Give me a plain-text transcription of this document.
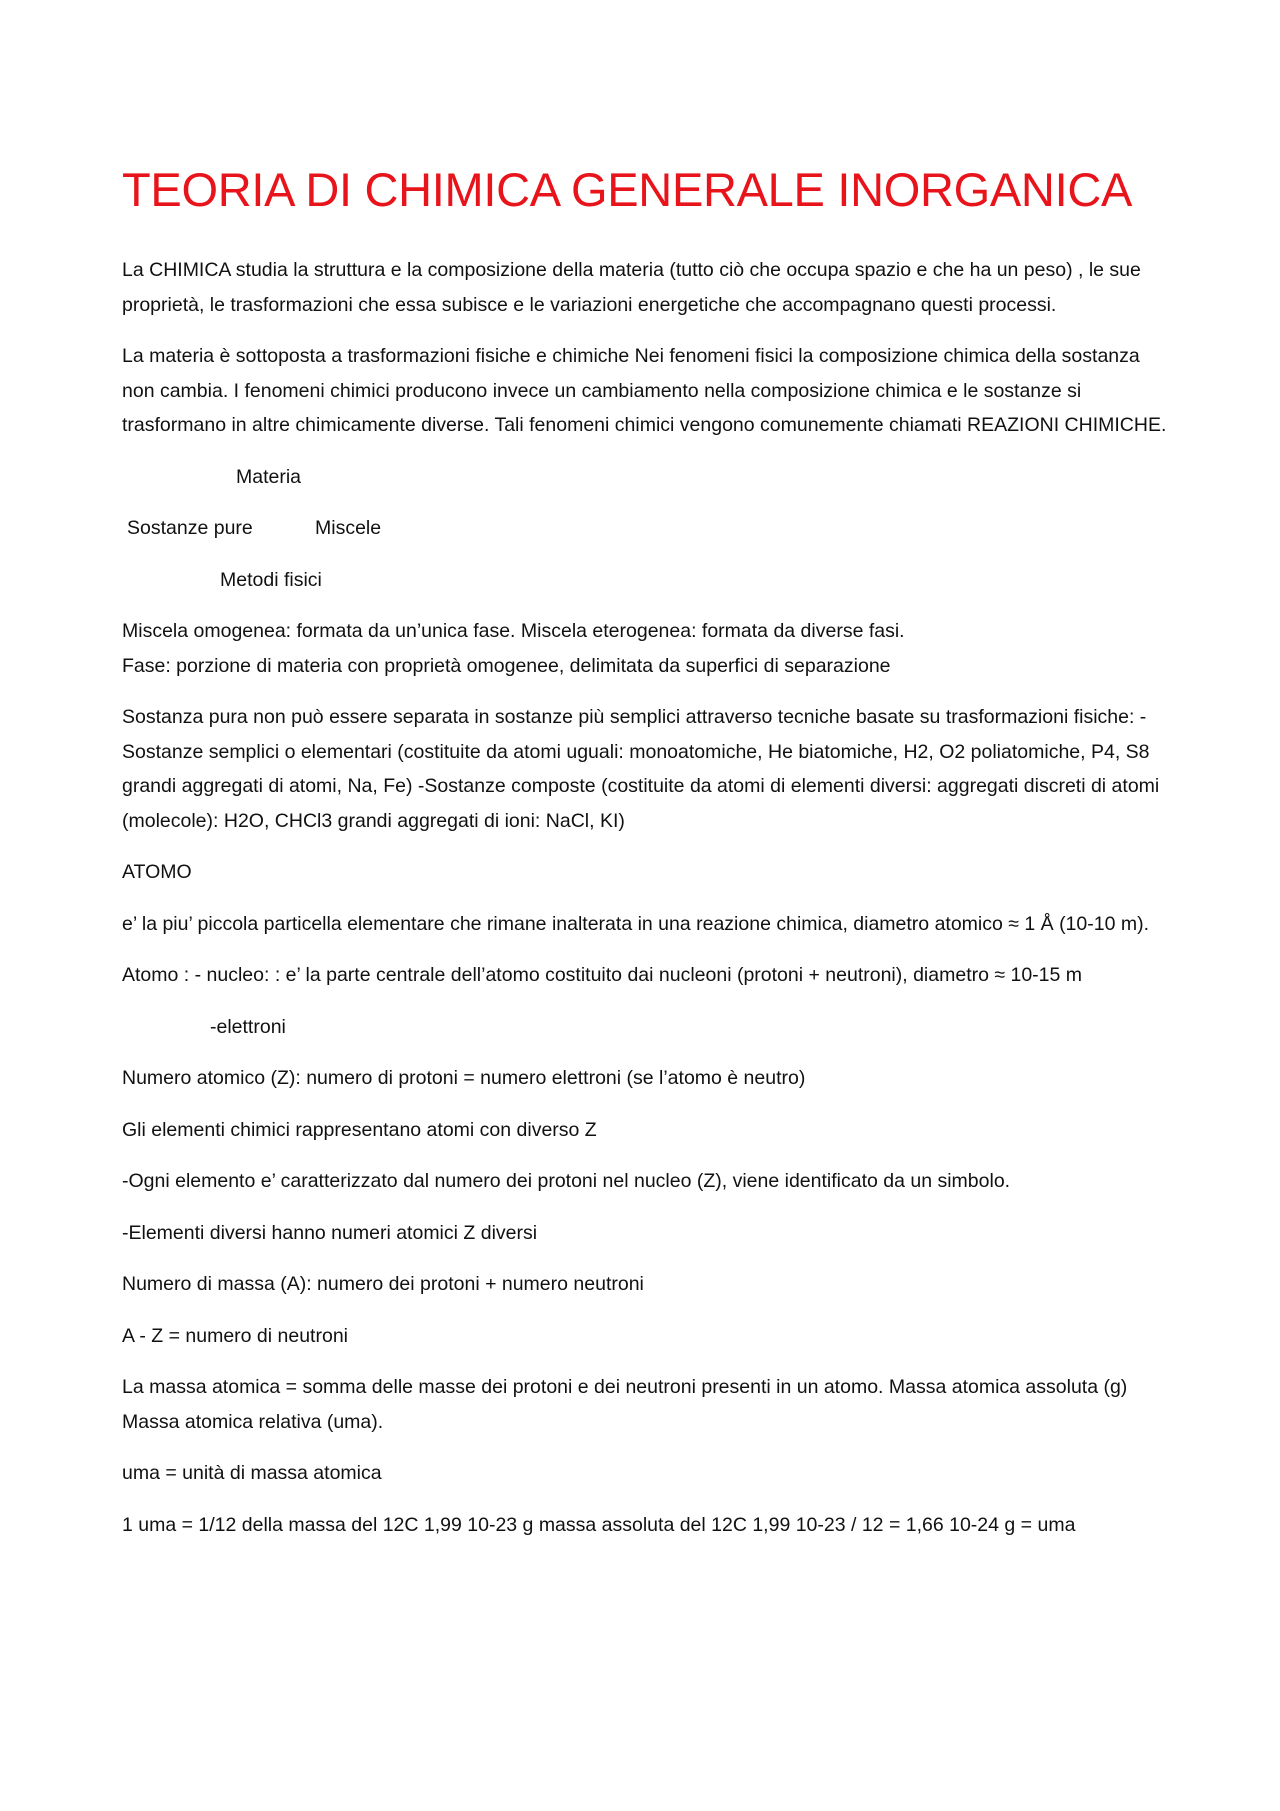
TEORIA DI CHIMICA GENERALE INORGANICA

La CHIMICA studia la struttura e la composizione della materia (tutto ciò che occupa spazio e che ha un peso) , le sue proprietà, le trasformazioni che essa subisce e le variazioni energetiche che accompagnano questi processi.

La materia è sottoposta a trasformazioni fisiche e chimiche Nei fenomeni fisici la composizione chimica della sostanza non cambia. I fenomeni chimici producono invece un cambiamento nella composizione chimica e le sostanze si trasformano in altre chimicamente diverse. Tali fenomeni chimici vengono comunemente chiamati REAZIONI CHIMICHE.

Materia
Sostanze pure	Miscele
Metodi fisici

Miscela omogenea: formata da un’unica fase. Miscela eterogenea: formata da diverse fasi.

Fase: porzione di materia con proprietà omogenee, delimitata da superfici di separazione

Sostanza pura non può essere separata in sostanze più semplici attraverso tecniche basate su trasformazioni fisiche: -Sostanze semplici o elementari (costituite da atomi uguali: monoatomiche, He biatomiche, H2, O2 poliatomiche, P4, S8 grandi aggregati di atomi, Na, Fe) -Sostanze composte (costituite da atomi di elementi diversi: aggregati discreti di atomi (molecole): H2O, CHCl3 grandi aggregati di ioni: NaCl, KI)

ATOMO

e’ la piu’ piccola particella elementare che rimane inalterata in una reazione chimica, diametro atomico ≈ 1 Å (10-10 m).

Atomo : - nucleo: : e’ la parte centrale dell’atomo costituito dai nucleoni (protoni + neutroni), diametro ≈ 10-15 m

-elettroni

Numero atomico (Z): numero di protoni = numero elettroni (se l’atomo è neutro)

Gli elementi chimici rappresentano atomi con diverso Z

-Ogni elemento e’ caratterizzato dal numero dei protoni nel nucleo (Z), viene identificato da un simbolo.

-Elementi diversi hanno numeri atomici Z diversi

Numero di massa (A): numero dei protoni + numero neutroni

A - Z = numero di neutroni

La massa atomica = somma delle masse dei protoni e dei neutroni presenti in un atomo. Massa atomica assoluta (g) Massa atomica relativa (uma).

uma = unità di massa atomica

1 uma = 1/12 della massa del 12C 1,99 10-23 g massa assoluta del 12C 1,99 10-23 / 12 = 1,66 10-24 g = uma
